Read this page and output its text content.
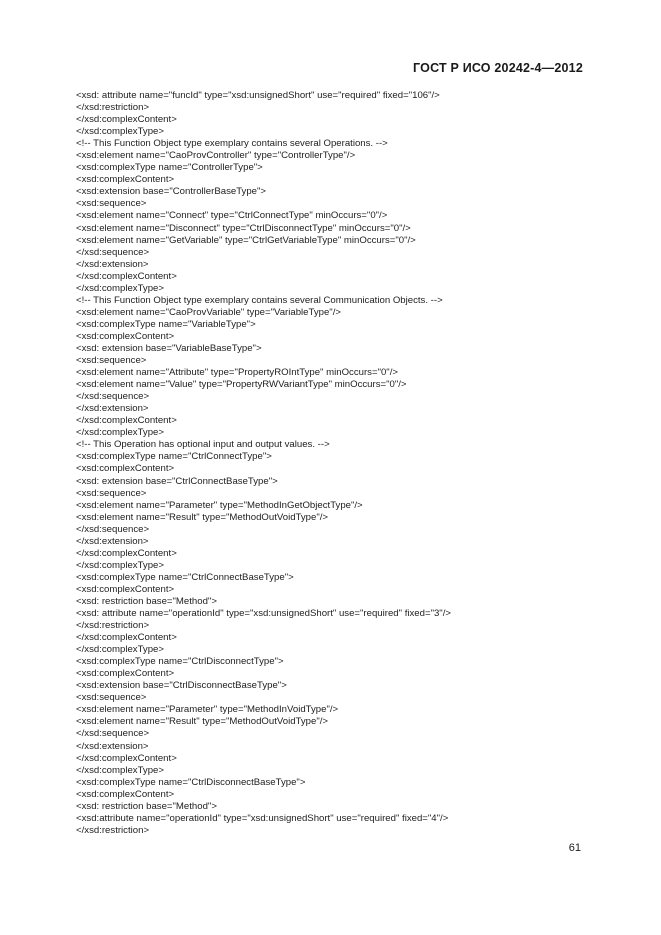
ГОСТ Р ИСО 20242-4—2012
<xsd: attribute name="funcId" type="xsd:unsignedShort" use="required" fixed="106"/>
</xsd:restriction>
</xsd:complexContent>
</xsd:complexType>
<!-- This Function Object type exemplary contains several Operations. -->
<xsd:element name="CaoProvController" type="ControllerType"/>
<xsd:complexType name="ControllerType">
<xsd:complexContent>
<xsd:extension base="ControllerBaseType">
<xsd:sequence>
<xsd:element name="Connect" type="CtrlConnectType" minOccurs="0"/>
<xsd:element name="Disconnect" type="CtrlDisconnectType" minOccurs="0"/>
<xsd:element name="GetVariable" type="CtrlGetVariableType" minOccurs="0"/>
</xsd:sequence>
</xsd:extension>
</xsd:complexContent>
</xsd:complexType>
<!-- This Function Object type exemplary contains several Communication Objects. -->
<xsd:element name="CaoProvVariable" type="VariableType"/>
<xsd:complexType name="VariableType">
<xsd:complexContent>
<xsd: extension base="VariableBaseType">
<xsd:sequence>
<xsd:element name="Attribute" type="PropertyROIntType" minOccurs="0"/>
<xsd:element name="Value" type="PropertyRWVariantType" minOccurs="0"/>
</xsd:sequence>
</xsd:extension>
</xsd:complexContent>
</xsd:complexType>
<!-- This Operation has optional input and output values. -->
<xsd:complexType name="CtrlConnectType">
<xsd:complexContent>
<xsd: extension base="CtrlConnectBaseType">
<xsd:sequence>
<xsd:element name="Parameter" type="MethodInGetObjectType"/>
<xsd:element name="Result" type="MethodOutVoidType"/>
</xsd:sequence>
</xsd:extension>
</xsd:complexContent>
</xsd:complexType>
<xsd:complexType name="CtrlConnectBaseType">
<xsd:complexContent>
<xsd: restriction base="Method">
<xsd: attribute name="operationId" type="xsd:unsignedShort" use="required" fixed="3"/>
</xsd:restriction>
</xsd:complexContent>
</xsd:complexType>
<xsd:complexType name="CtrlDisconnectType">
<xsd:complexContent>
<xsd:extension base="CtrlDisconnectBaseType">
<xsd:sequence>
<xsd:element name="Parameter" type="MethodInVoidType"/>
<xsd:element name="Result" type="MethodOutVoidType"/>
</xsd:sequence>
</xsd:extension>
</xsd:complexContent>
</xsd:complexType>
<xsd:complexType name="CtrlDisconnectBaseType">
<xsd:complexContent>
<xsd: restriction base="Method">
<xsd:attribute name="operationId" type="xsd:unsignedShort" use="required" fixed="4"/>
</xsd:restriction>
61
